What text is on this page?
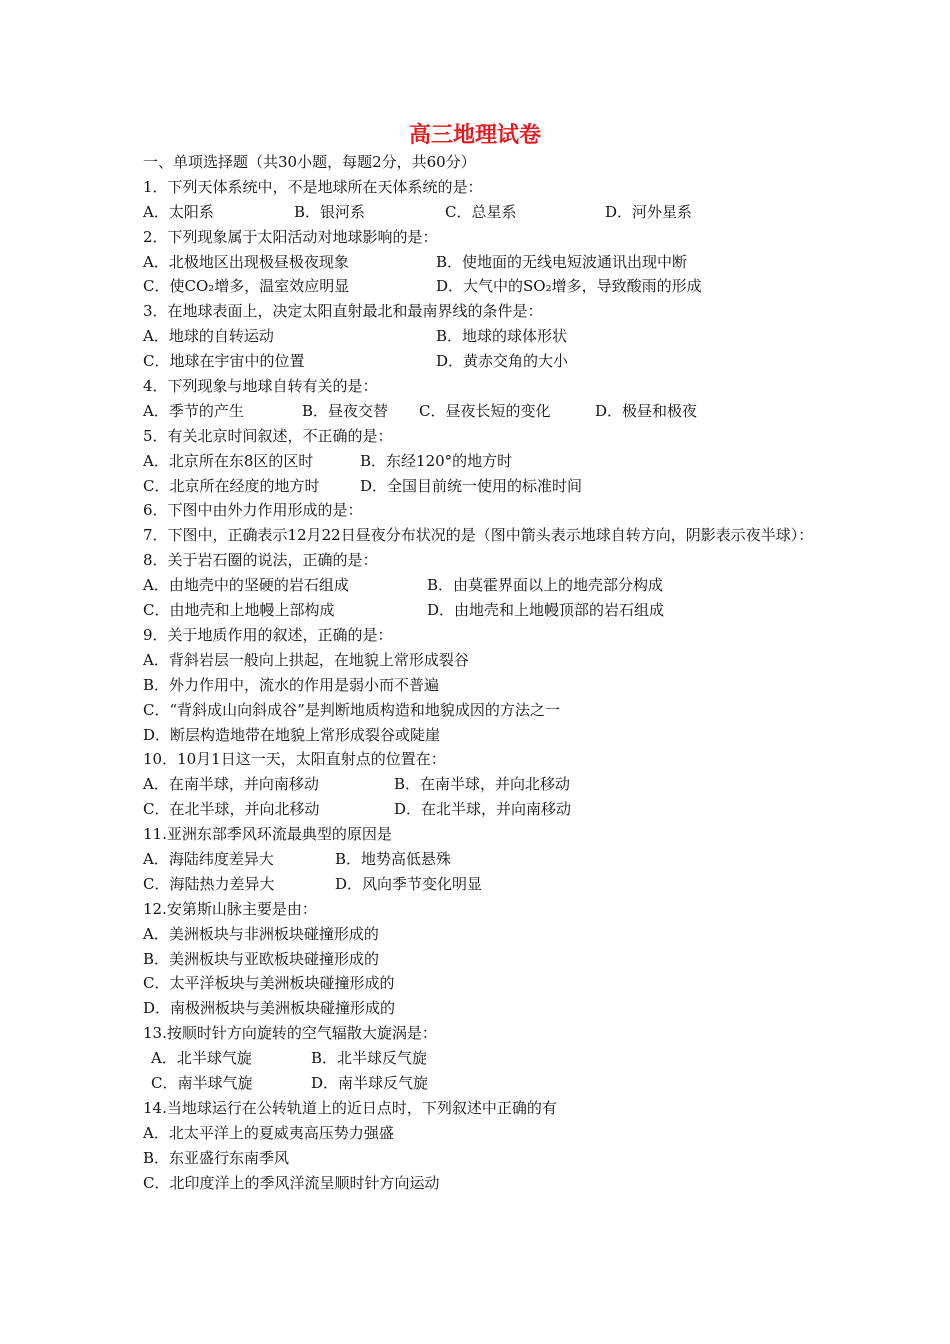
高三地理试卷
一、单项选择题（共30小题，每题2分，共60分）
1．下列天体系统中，不是地球所在天体系统的是：
A．太阳系	B．银河系	C．总星系	D．河外星系
2．下列现象属于太阳活动对地球影响的是：
A．北极地区出现极昼极夜现象	B．使地面的无线电短波通讯出现中断
C．使CO₂增多，温室效应明显	D．大气中的SO₂增多，导致酸雨的形成
3．在地球表面上，决定太阳直射最北和最南界线的条件是：
A．地球的自转运动	B．地球的球体形状
C．地球在宇宙中的位置	D．黄赤交角的大小
4．下列现象与地球自转有关的是：
A．季节的产生	B．昼夜交替	C．昼夜长短的变化	D．极昼和极夜
5．有关北京时间叙述，不正确的是：
A．北京所在东8区的区时	B．东经120°的地方时
C．北京所在经度的地方时	D．全国目前统一使用的标准时间
6．下图中由外力作用形成的是：
7．下图中，正确表示12月22日昼夜分布状况的是（图中箭头表示地球自转方向，阴影表示夜半球）：
8．关于岩石圈的说法，正确的是：
A．由地壳中的坚硬的岩石组成	B．由莫霍界面以上的地壳部分构成
C．由地壳和上地幔上部构成	D．由地壳和上地幔顶部的岩石组成
9．关于地质作用的叙述，正确的是：
A．背斜岩层一般向上拱起，在地貌上常形成裂谷
B．外力作用中，流水的作用是弱小而不普遍
C．“背斜成山向斜成谷”是判断地质构造和地貌成因的方法之一
D．断层构造地带在地貌上常形成裂谷或陡崖
10．10月1日这一天，太阳直射点的位置在：
A．在南半球，并向南移动	B．在南半球，并向北移动
C．在北半球，并向北移动	D．在北半球，并向南移动
11.亚洲东部季风环流最典型的原因是
A．海陆纬度差异大	B．地势高低悬殊
C．海陆热力差异大	D．风向季节变化明显
12.安第斯山脉主要是由：
A．美洲板块与非洲板块碰撞形成的
B．美洲板块与亚欧板块碰撞形成的
C．太平洋板块与美洲板块碰撞形成的
D．南极洲板块与美洲板块碰撞形成的
13.按顺时针方向旋转的空气辐散大旋涡是：
A．北半球气旋	B．北半球反气旋
C．南半球气旋	D．南半球反气旋
14.当地球运行在公转轨道上的近日点时，下列叙述中正确的有
A．北太平洋上的夏威夷高压势力强盛
B．东亚盛行东南季风
C．北印度洋上的季风洋流呈顺时针方向运动
